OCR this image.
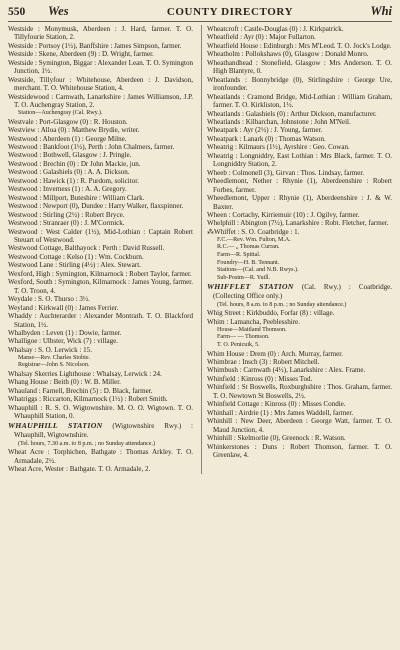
550	Wes	COUNTY DIRECTORY	Whi

Westside : Monymusk, Aberdeen : J. Hard, farmer. T. O. Tillyfourie Station, 2.

Westside : Portsoy (1½), Banffshire : James Simpson, farmer.

Westside : Skene, Aberdeen (9) : D. Wright, farmer.

Westside : Symington, Biggar : Alexander Lean. T. O. Symington Junction, 1½.

Westside, Tillyfour : Whitehouse, Aberdeen : J. Davidson, merchant. T. O. Whitehouse Station, 4.

Westsidewood : Carnwath, Lanarkshire : James Williamson, J.P. T. O. Auchengray Station, 2.

Station—Auchengray (Cal. Rwy.).

Westvale : Port-Glasgow (0) : R. Houston.

Westview : Alloa (0) : Matthew Brydie, writer.

Westwood : Aberdeen (1) : George Milne.

Westwood : Bankfoot (1½), Perth : John Chalmers, farmer.

Westwood : Bothwell, Glasgow : J. Pringle.

Westwood : Brechin (0) : Dr John Mackie, jun.

Westwood : Galashiels (0) : A. A. Dickson.

Westwood : Hawick (1) : R. Purdom, solicitor.

Westwood : Inverness (1) : A. A. Gregory.

Westwood : Millport, Buteshire : William Clark.

Westwood : Newport (0), Dundee : Harry Walker, flaxspinner.

Westwood : Stirling (2½) : Robert Bryce.

Westwood : Stranraer (0) : J. M'Cormick.

Westwood : West Calder (1½), Mid-Lothian : Captain Robert Steuart of Westwood.

Westwood Cottage, Balthayock : Perth : David Russell.

Westwood Cottage : Kelso (1) : Wm. Cockburn.

Westwood Lane : Stirling (4½) : Alex. Stewart.

Wexford, High : Symington, Kilmarnock : Robert Taylor, farmer.

Wexford, South : Symington, Kilmarnock : James Young, farmer. T. O. Troon, 4.

Weydale : S. O. Thurso : 3½.

Weyland : Kirkwall (0) : James Ferrier.

Whaddy : Auchterarder : Alexander Montrath. T. O. Blackford Station, 1½.

Whalbyden : Leven (1) : Dowie, farmer.

Whalligoe : Ulbster, Wick (7) : village.

Whalsay : S. O. Lerwick : 15.

Manse—Rev. Charles Stobie.

Registrar—John S. Nicolson.

Whalsay Skerries Lighthouse : Whalsay, Lerwick : 24.

Whang House : Beith (0) : W. B. Miller.

Whauland : Farnell, Brechin (5) : D. Black, farmer.

Whatriggs : Riccarton, Kilmarnock (1½) : Robert Smith.

Whauphill : R. S. O. Wigtownshire. M. O. O. Wigtown. T. O. Whauphill Station, 0.

WHAUPHILL STATION (Wigtownshire Rwy.) : Whauphill, Wigtownshire.

(Tel. hours, 7.30 a.m. to 8 p.m. ; no Sunday attendance.)

Wheat Acre : Torphichen, Bathgate : Thomas Arkley. T. O. Armadale, 2½.

Wheat Acre, Wester : Bathgate. T. O. Armadale, 2.

Wheatcroft : Castle-Douglas (0) : J. Kirkpatrick.

Wheatfield : Ayr (0) : Major Fullarton.

Wheatfield House : Edinburgh : Mrs M'Leod. T. O. Jock's Lodge.

Wheatholm : Pollokshaws (0), Glasgow : Donald Monro.

Wheathandhead : Stonefield, Glasgow : Mrs Anderson. T. O. High Blantyre, 0.

Wheatlands : Bonnybridge (0), Stirlingshire : George Ure, ironfounder.

Wheatlands : Cramond Bridge, Mid-Lothian : William Graham, farmer. T. O. Kirkliston, 1½.

Wheatlands : Galashiels (0) : Arthur Dickson, manufacturer.

Wheatlands : Kilbarchan, Johnstone : John M'Neil.

Wheatpark : Ayr (2½) : J. Young, farmer.

Wheatpark : Lanark (0) : Thomas Watson.

Wheatrig : Kilmaurs (1½), Ayrshire : Geo. Cowan.

Wheatrig : Longniddry, East Lothian : Mrs Black, farmer. T. O. Longniddry Station, 2.

Wheeb : Colmonell (3), Girvan : Thos. Lindsay, farmer.

Wheedlemont, Nether : Rhynie (1), Aberdeenshire : Robert Forbes, farmer.

Wheedlemont, Upper : Rhynie (1), Aberdeenshire : J. & W. Baxter.

Wheen : Cortachy, Kirriemuir (10) : J. Ogilvy, farmer.

Whelphill : Abington (7½), Lanarkshire : Robt. Fletcher, farmer.

⁂Whiffet : S. O. Coatbridge : 1.

F.C.—Rev. Wm. Fulton, M.A.

R.C.— „ Thomas Curran.

Farm—R. Spittal.

Foundry—H. B. Tennant.

Stations—(Cal. and N.B. Rwys.).

Sub-Postm—R. Yuill.

WHIFFLET STATION (Cal. Rwy.) : Coatbridge. (Collecting Office only.)

(Tel. hours, 8 a.m. to 8 p.m. ; no Sunday attendance.)

Whig Street : Kirkbuddo, Forfar (8) : village.

Whim : Lamancha, Peeblesshire.

House—Maitland Thomson.

Farm— — Thomson.

T. O. Penicuik, 5.

Whim House : Drem (0) : Arch. Murray, farmer.

Whimbrae : Insch (3) : Robert Mitchell.

Whimbush : Carnwath (4½), Lanarkshire : Alex. Frame.

Whinfield : Kinross (0) : Misses Tod.

Whinfield : St Boswells, Roxburghshire : Thos. Graham, farmer. T. O. Newtown St Boswells, 2½.

Whinfield Cottage : Kinross (0) : Misses Condie.

Whinhall : Airdrie (1) : Mrs James Waddell, farmer.

Whinhill : New Deer, Aberdeen : George Watt, farmer. T. O. Maud Junction, 4.

Whinhill : Skelmorlie (0), Greenock : R. Watson.

Whinkerstones : Duns : Robert Thomson, farmer. T. O. Greenlaw, 4.
